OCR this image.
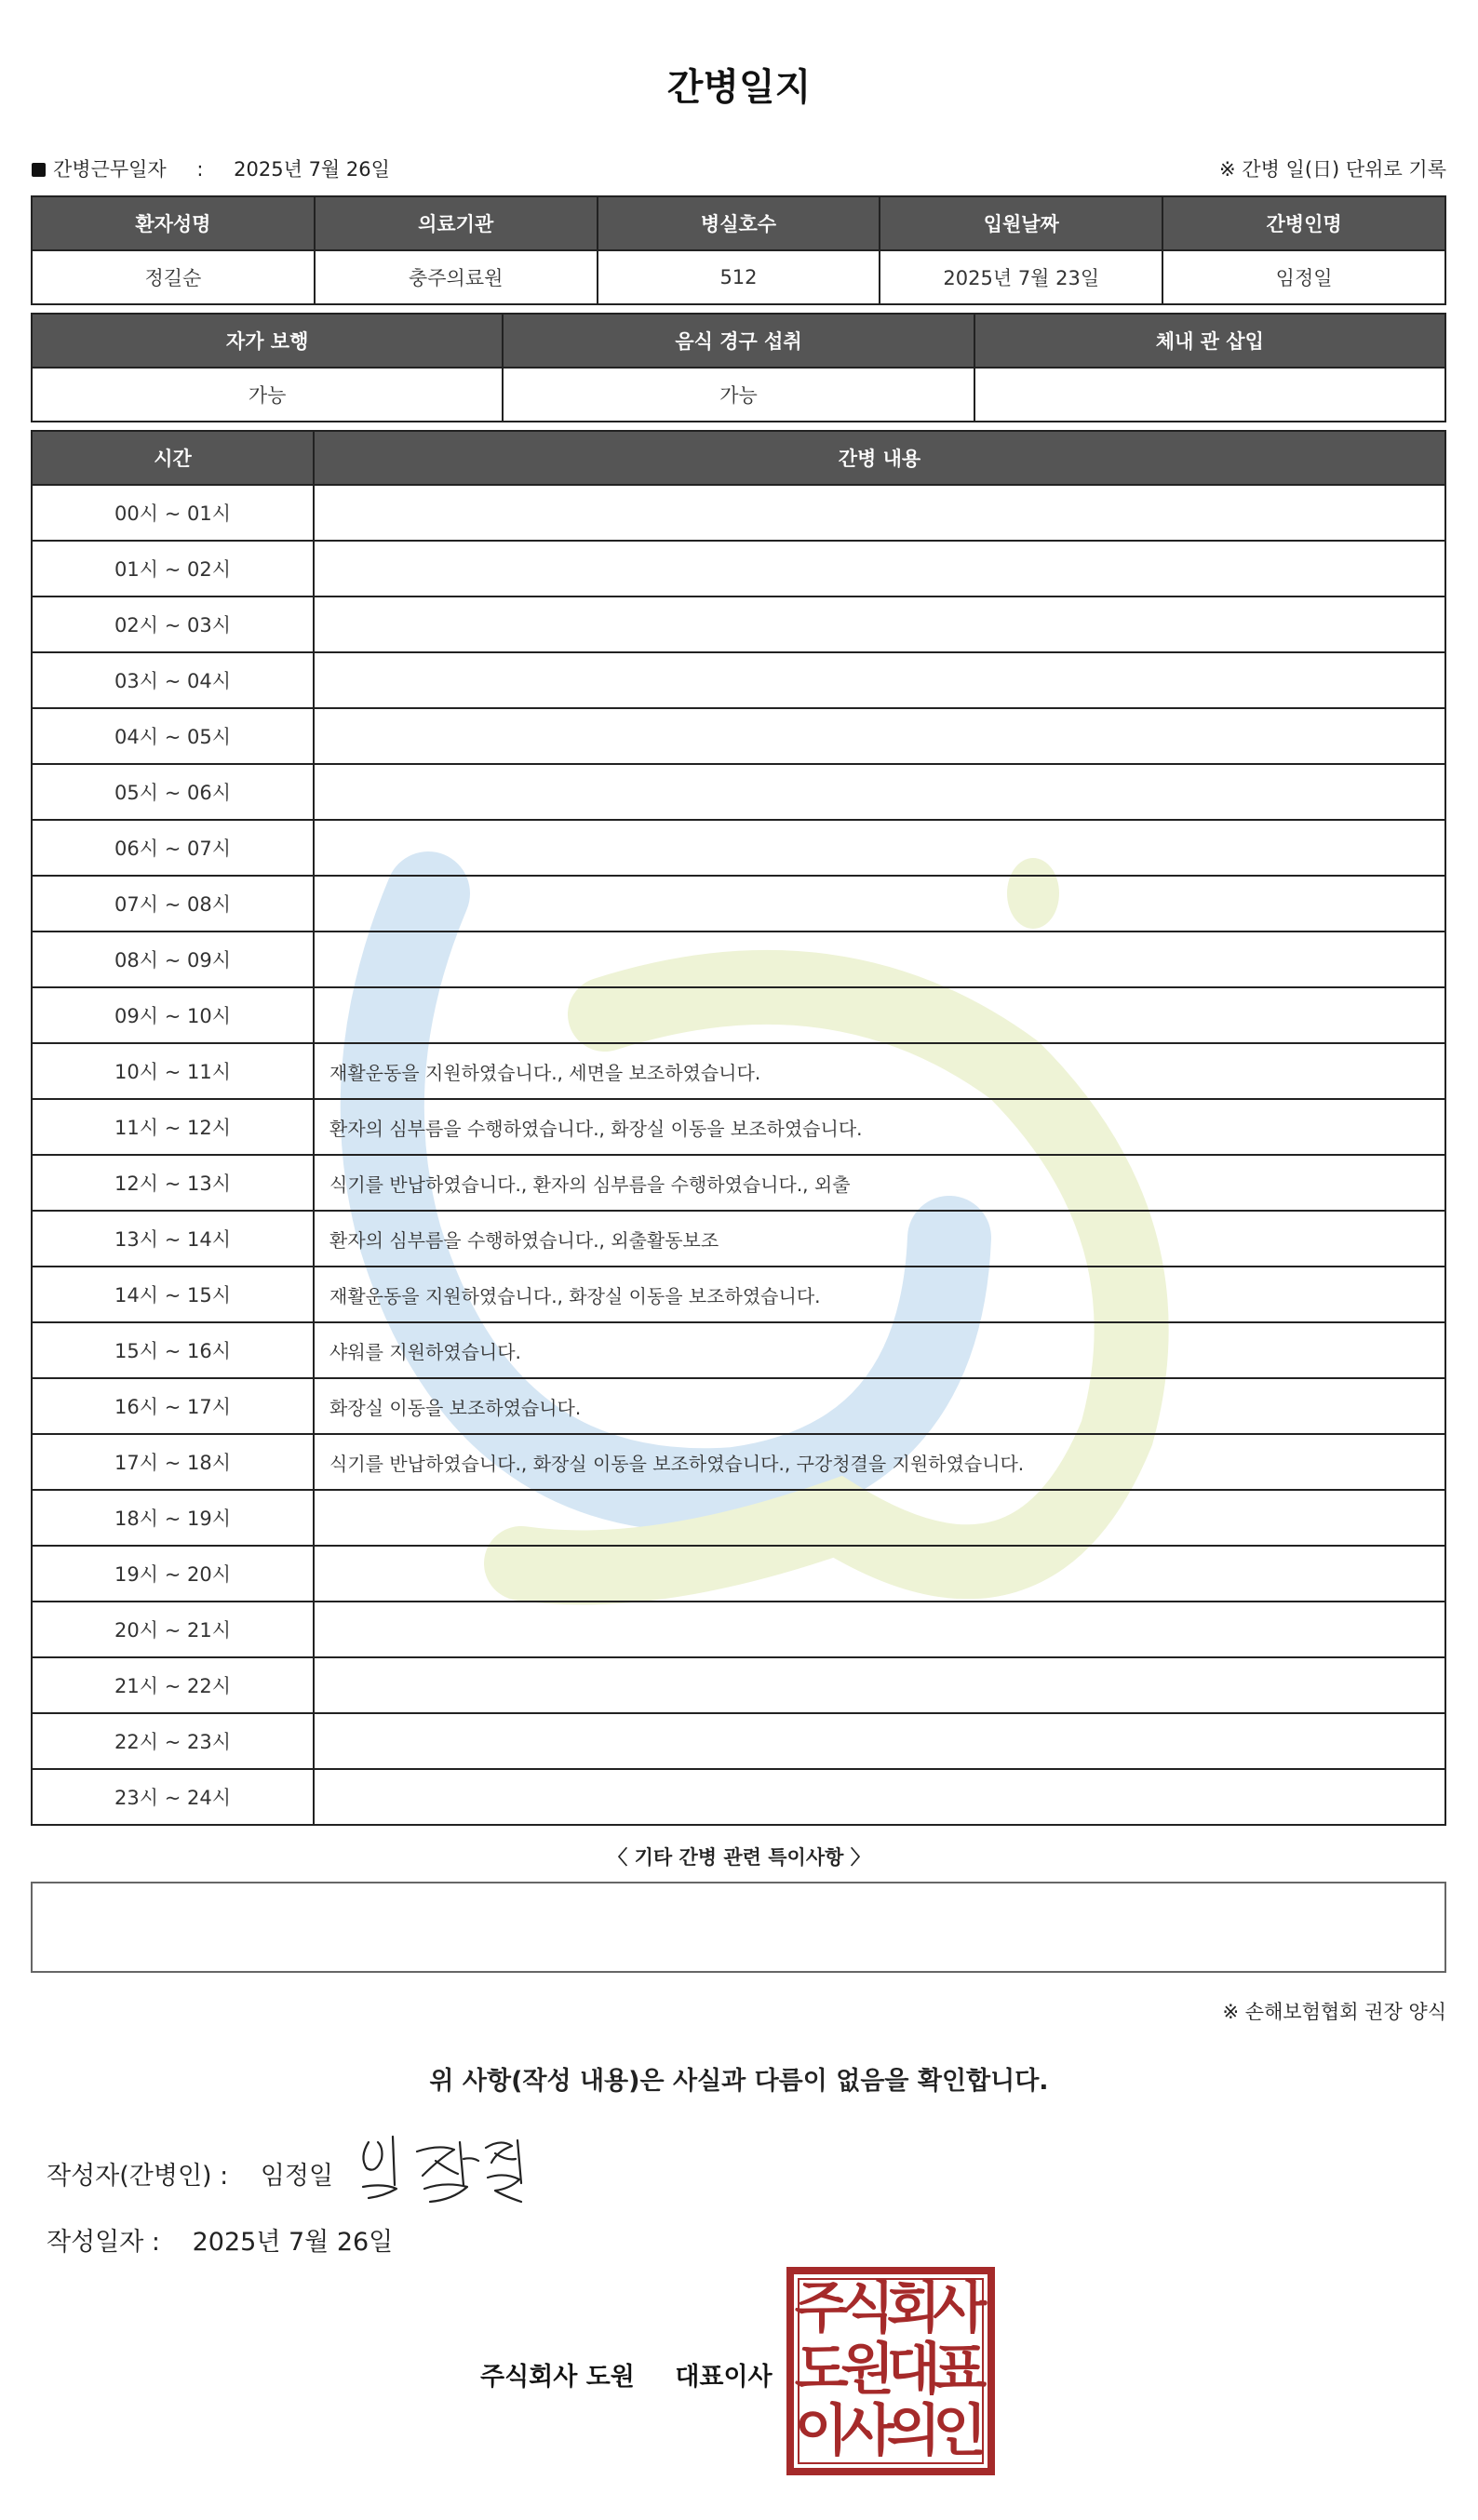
간병일지
간병근무일자 : 2025년 7월 26일	※ 간병 일(日) 단위로 기록
환자성명	의료기관	병실호수	입원날짜	간병인명
정길순	충주의료원	512	2025년 7월 23일	임정일
자가 보행	음식 경구 섭취	체내 관 삽입
가능	가능	
시간	간병 내용
00시 ~ 01시	
01시 ~ 02시	
02시 ~ 03시	
03시 ~ 04시	
04시 ~ 05시	
05시 ~ 06시	
06시 ~ 07시	
07시 ~ 08시	
08시 ~ 09시	
09시 ~ 10시	
10시 ~ 11시	재활운동을 지원하였습니다., 세면을 보조하였습니다.
11시 ~ 12시	환자의 심부름을 수행하였습니다., 화장실 이동을 보조하였습니다.
12시 ~ 13시	식기를 반납하였습니다., 환자의 심부름을 수행하였습니다., 외출
13시 ~ 14시	환자의 심부름을 수행하였습니다., 외출활동보조
14시 ~ 15시	재활운동을 지원하였습니다., 화장실 이동을 보조하였습니다.
15시 ~ 16시	샤워를 지원하였습니다.
16시 ~ 17시	화장실 이동을 보조하였습니다.
17시 ~ 18시	식기를 반납하였습니다., 화장실 이동을 보조하였습니다., 구강청결을 지원하였습니다.
18시 ~ 19시	
19시 ~ 20시	
20시 ~ 21시	
21시 ~ 22시	
22시 ~ 23시	
23시 ~ 24시	
〈 기타 간병 관련 특이사항 〉
※ 손해보험협회 권장 양식
위 사항(작성 내용)은 사실과 다름이 없음을 확인합니다.
작성자(간병인) : 임정일
작성일자 : 2025년 7월 26일
주식회사 도원 대표이사
주
식
회
사
도
원
대
표
이
사
의
인
